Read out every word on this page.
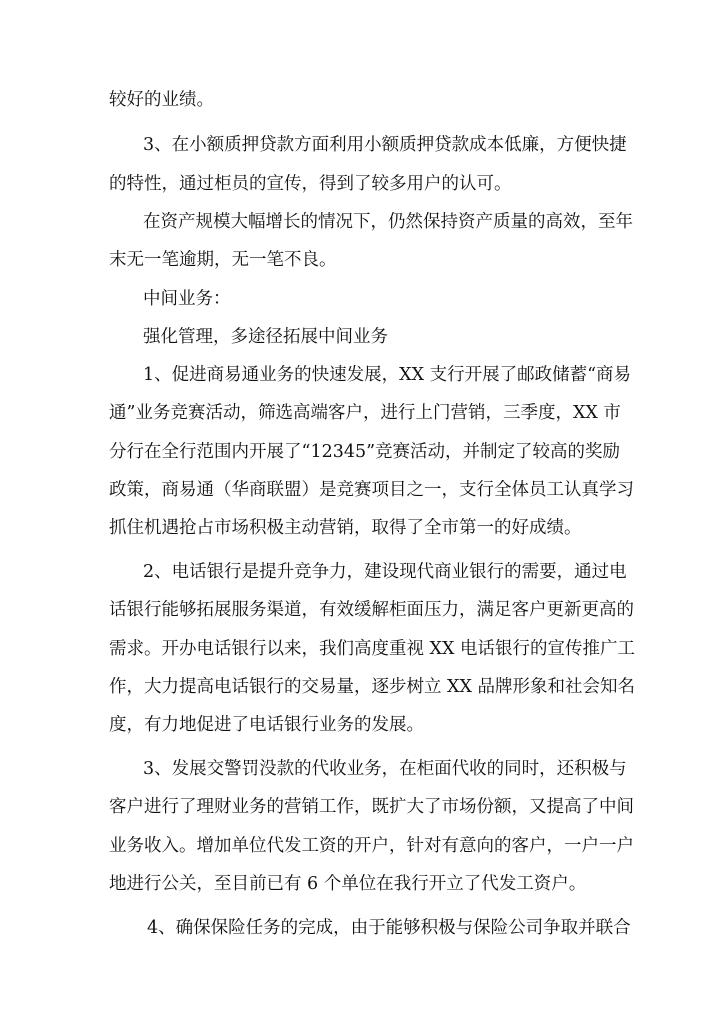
较好的业绩。
3、在小额质押贷款方面利用小额质押贷款成本低廉，方便快捷
的特性，通过柜员的宣传，得到了较多用户的认可。
在资产规模大幅增长的情况下，仍然保持资产质量的高效，至年
末无一笔逾期，无一笔不良。
中间业务：
强化管理，多途径拓展中间业务
1、促进商易通业务的快速发展，XX 支行开展了邮政储蓄“商易
通”业务竞赛活动，筛选高端客户，进行上门营销，三季度，XX 市
分行在全行范围内开展了“12345”竞赛活动，并制定了较高的奖励
政策，商易通（华商联盟）是竞赛项目之一，支行全体员工认真学习
抓住机遇抢占市场积极主动营销，取得了全市第一的好成绩。
2、电话银行是提升竞争力，建设现代商业银行的需要，通过电
话银行能够拓展服务渠道，有效缓解柜面压力，满足客户更新更高的
需求。开办电话银行以来，我们高度重视 XX 电话银行的宣传推广工
作，大力提高电话银行的交易量，逐步树立 XX 品牌形象和社会知名
度，有力地促进了电话银行业务的发展。
3、发展交警罚没款的代收业务，在柜面代收的同时，还积极与
客户进行了理财业务的营销工作，既扩大了市场份额，又提高了中间
业务收入。增加单位代发工资的开户，针对有意向的客户，一户一户
地进行公关，至目前已有 6 个单位在我行开立了代发工资户。
4、确保保险任务的完成，由于能够积极与保险公司争取并联合
